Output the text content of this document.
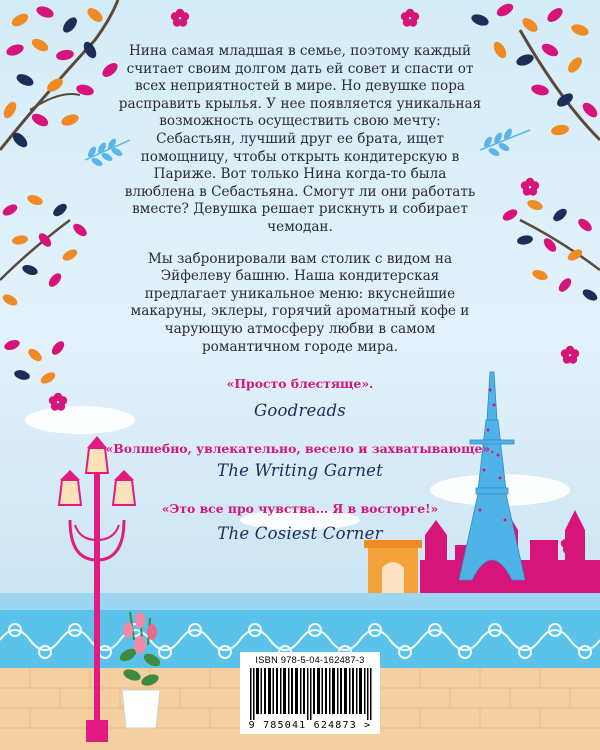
Нина самая младшая в семье, поэтому каждый считает своим долгом дать ей совет и спасти от всех неприятностей в мире. Но девушке пора расправить крылья. У нее появляется уникальная возможность осуществить свою мечту: Себастьян, лучший друг ее брата, ищет помощницу, чтобы открыть кондитерскую в Париже. Вот только Нина когда-то была влюблена в Себастьяна. Смогут ли они работать вместе? Девушка решает рискнуть и собирает чемодан.

Мы забронировали вам столик с видом на Эйфелеву башню. Наша кондитерская предлагает уникальное меню: вкуснейшие макаруны, эклеры, горячий ароматный кофе и чарующую атмосферу любви в самом романтичном городе мира.

«Просто блестяще».
Goodreads
«Волшебно, увлекательно, весело и захватывающе».
The Writing Garnet
«Это все про чувства… Я в восторге!»
The Cosiest Corner
ISBN 978-5-04-162487-3
9 785041 624873 >
